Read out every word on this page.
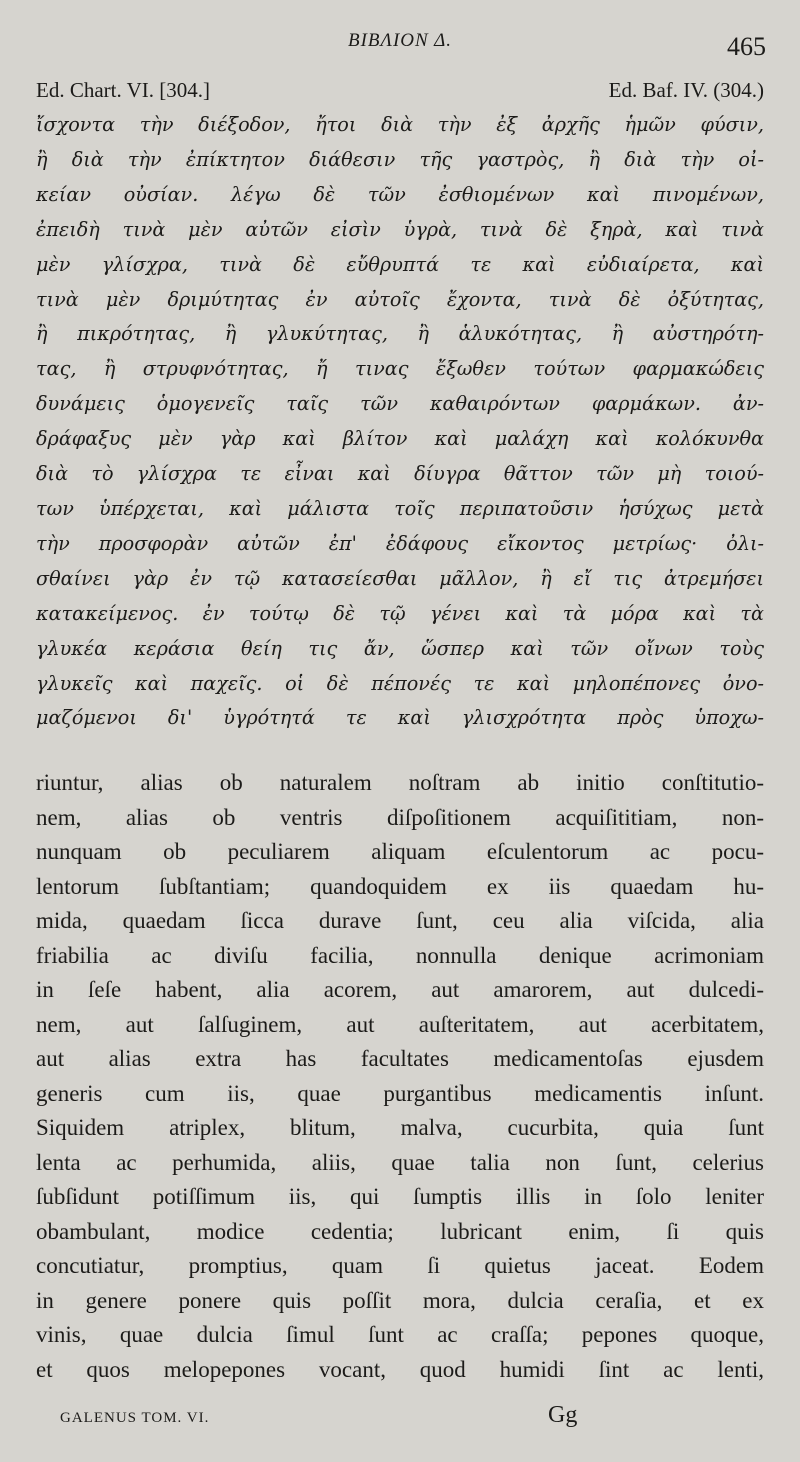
ΒΙΒΛΙΟΝ Δ.	465
Ed. Chart. VI. [304.]	Ed. Baf. IV. (304.)
ἴσχοντα τὴν διέξοδον, ἤτοι διὰ τὴν ἐξ ἀρχῆς ἡμῶν φύσιν,
ἢ διὰ τὴν ἐπίκτητον διάθεσιν τῆς γαστρὸς, ἢ διὰ τὴν οἰ-
κείαν οὐσίαν. λέγω δὲ τῶν ἐσθιομένων καὶ πινομένων,
ἐπειδὴ τινὰ μὲν αὐτῶν εἰσὶν ὑγρὰ, τινὰ δὲ ξηρὰ, καὶ τινὰ
μὲν γλίσχρα, τινὰ δὲ εὔθρυπτά τε καὶ εὐδιαίρετα, καὶ
τινὰ μὲν δριμύτητας ἐν αὐτοῖς ἔχοντα, τινὰ δὲ ὀξύτητας,
ἢ πικρότητας, ἢ γλυκύτητας, ἢ ἁλυκότητας, ἢ αὐστηρότη-
τας, ἢ στρυφνότητας, ἤ τινας ἔξωθεν τούτων φαρμακώδεις
δυνάμεις ὁμογενεῖς ταῖς τῶν καθαιρόντων φαρμάκων. ἀν-
δράφαξυς μὲν γὰρ καὶ βλίτον καὶ μαλάχη καὶ κολόκυνθα
διὰ τὸ γλίσχρα τε εἶναι καὶ δίυγρα θᾶττον τῶν μὴ τοιού-
των ὑπέρχεται, καὶ μάλιστα τοῖς περιπατοῦσιν ἡσύχως μετὰ
τὴν προσφορὰν αὐτῶν ἐπ' ἐδάφους εἴκοντος μετρίως· ὀλι-
σθαίνει γὰρ ἐν τῷ κατασείεσθαι μᾶλλον, ἢ εἴ τις ἀτρεμήσει
κατακείμενος. ἐν τούτῳ δὲ τῷ γένει καὶ τὰ μόρα καὶ τὰ
γλυκέα κεράσια θείη τις ἄν, ὥσπερ καὶ τῶν οἴνων τοὺς
γλυκεῖς καὶ παχεῖς. οἱ δὲ πέπονές τε καὶ μηλοπέπονες ὀνο-
μαζόμενοι δι' ὑγρότητά τε καὶ γλισχρότητα πρὸς ὑποχω-
riuntur, alias ob naturalem noſtram ab initio conſtitutio-
nem, alias ob ventris diſpoſitionem acquiſititiam, non-
nunquam ob peculiarem aliquam eſculentorum ac pocu-
lentorum ſubſtantiam; quandoquidem ex iis quaedam hu-
mida, quaedam ſicca durave ſunt, ceu alia viſcida, alia
friabilia ac diviſu facilia, nonnulla denique acrimoniam
in ſeſe habent, alia acorem, aut amarorem, aut dulcedi-
nem, aut ſalſuginem, aut auſteritatem, aut acerbitatem,
aut alias extra has facultates medicamentoſas ejusdem
generis cum iis, quae purgantibus medicamentis inſunt.
Siquidem atriplex, blitum, malva, cucurbita, quia ſunt
lenta ac perhumida, aliis, quae talia non ſunt, celerius
ſubſidunt potiſſimum iis, qui ſumptis illis in ſolo leniter
obambulant, modice cedentia; lubricant enim, ſi quis
concutiatur, promptius, quam ſi quietus jaceat. Eodem
in genere ponere quis poſſit mora, dulcia ceraſia, et ex
vinis, quae dulcia ſimul ſunt ac craſſa; pepones quoque,
et quos melopepones vocant, quod humidi ſint ac lenti,
GALENUS TOM. VI.	Gg
